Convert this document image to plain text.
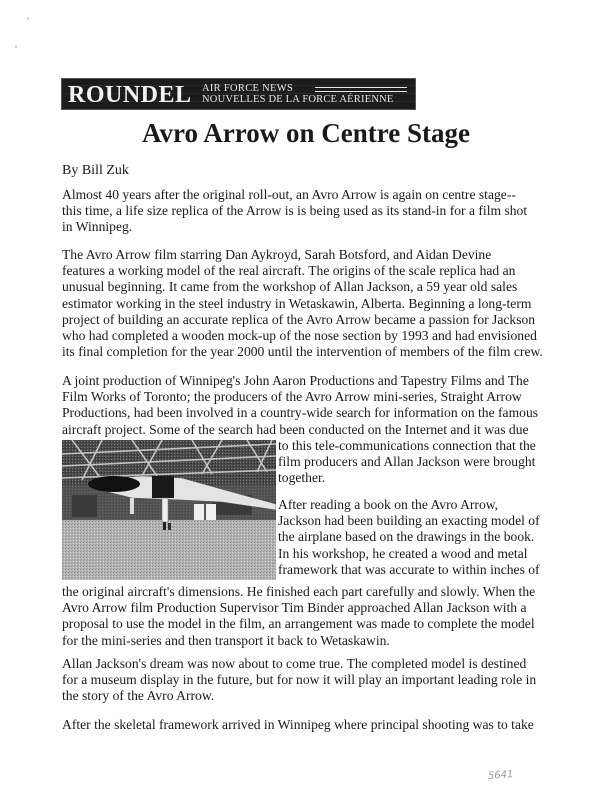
ROUNDEL AIR FORCE NEWS
NOUVELLES DE LA FORCE AÉRIENNE
Avro Arrow on Centre Stage
By Bill Zuk

Almost 40 years after the original roll-out, an Avro Arrow is again on centre stage--
this time, a life size replica of the Arrow is is being used as its stand-in for a film shot
in Winnipeg.

The Avro Arrow film starring Dan Aykroyd, Sarah Botsford, and Aidan Devine
features a working model of the real aircraft. The origins of the scale replica had an
unusual beginning. It came from the workshop of Allan Jackson, a 59 year old sales
estimator working in the steel industry in Wetaskawin, Alberta. Beginning a long-term
project of building an accurate replica of the Avro Arrow became a passion for Jackson
who had completed a wooden mock-up of the nose section by 1993 and had envisioned
its final completion for the year 2000 until the intervention of members of the film crew.

A joint production of Winnipeg's John Aaron Productions and Tapestry Films and The
Film Works of Toronto; the producers of the Avro Arrow mini-series, Straight Arrow
Productions, had been involved in a country-wide search for information on the famous
aircraft project. Some of the search had been conducted on the Internet and it was due

to this tele-communications connection that the
film producers and Allan Jackson were brought
together.

After reading a book on the Avro Arrow,
Jackson had been building an exacting model of
the airplane based on the drawings in the book.
In his workshop, he created a wood and metal
framework that was accurate to within inches of

the original aircraft's dimensions. He finished each part carefully and slowly. When the
Avro Arrow film Production Supervisor Tim Binder approached Allan Jackson with a
proposal to use the model in the film, an arrangement was made to complete the model
for the mini-series and then transport it back to Wetaskawin.

Allan Jackson's dream was now about to come true. The completed model is destined
for a museum display in the future, but for now it will play an important leading role in
the story of the Avro Arrow.

After the skeletal framework arrived in Winnipeg where principal shooting was to take

5641
